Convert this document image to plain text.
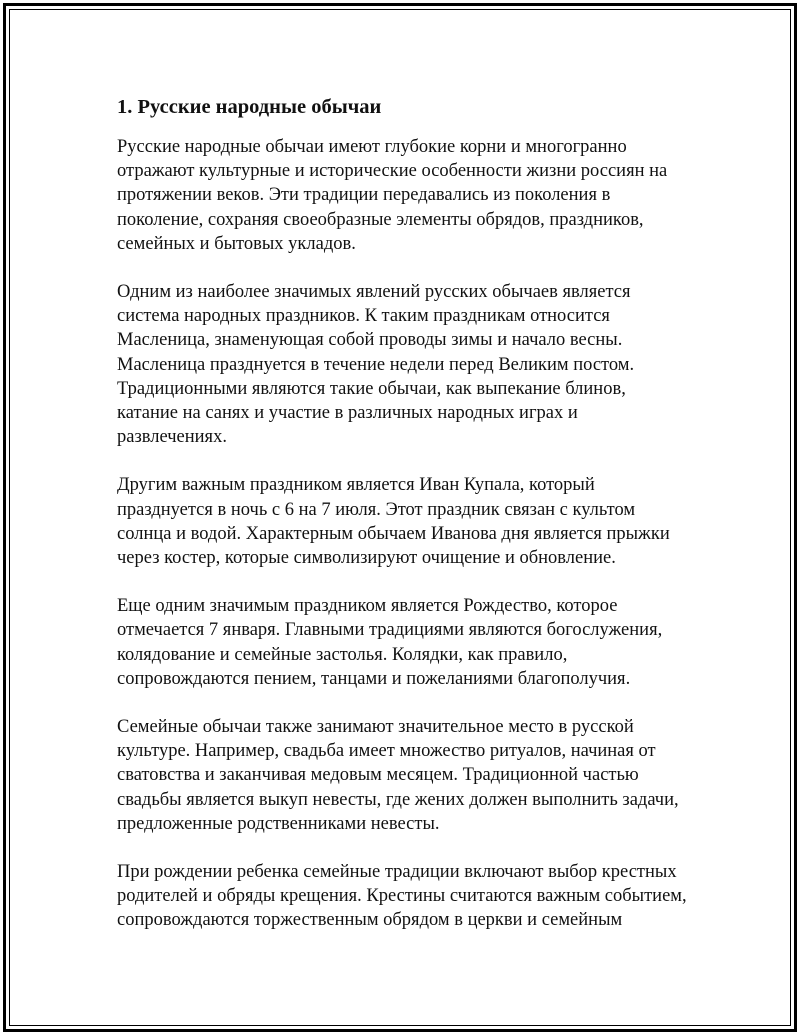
1. Русские народные обычаи
Русские народные обычаи имеют глубокие корни и многогранно
отражают культурные и исторические особенности жизни россиян на
протяжении веков. Эти традиции передавались из поколения в
поколение, сохраняя своеобразные элементы обрядов, праздников,
семейных и бытовых укладов.
Одним из наиболее значимых явлений русских обычаев является
система народных праздников. К таким праздникам относится
Масленица, знаменующая собой проводы зимы и начало весны.
Масленица празднуется в течение недели перед Великим постом.
Традиционными являются такие обычаи, как выпекание блинов,
катание на санях и участие в различных народных играх и
развлечениях.
Другим важным праздником является Иван Купала, который
празднуется в ночь с 6 на 7 июля. Этот праздник связан с культом
солнца и водой. Характерным обычаем Иванова дня является прыжки
через костер, которые символизируют очищение и обновление.
Еще одним значимым праздником является Рождество, которое
отмечается 7 января. Главными традициями являются богослужения,
колядование и семейные застолья. Колядки, как правило,
сопровождаются пением, танцами и пожеланиями благополучия.
Семейные обычаи также занимают значительное место в русской
культуре. Например, свадьба имеет множество ритуалов, начиная от
сватовства и заканчивая медовым месяцем. Традиционной частью
свадьбы является выкуп невесты, где жених должен выполнить задачи,
предложенные родственниками невесты.
При рождении ребенка семейные традиции включают выбор крестных
родителей и обряды крещения. Крестины считаются важным событием,
сопровождаются торжественным обрядом в церкви и семейным
